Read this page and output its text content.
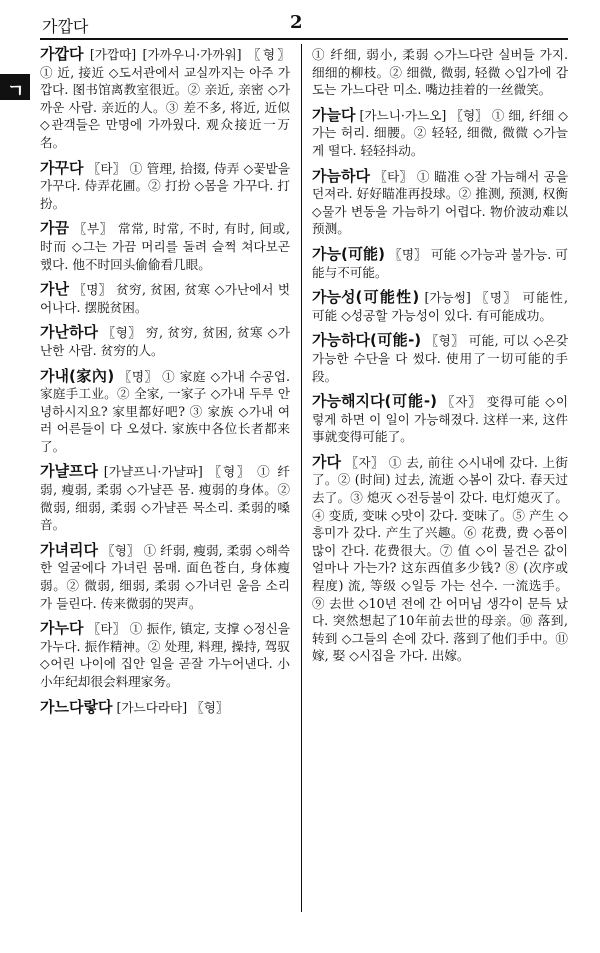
가깝다	2
ㄱ

가깝다 [가깝따] [가까우니·가까워] 〖형〗 ① 近, 接近 ◇도서관에서 교실까지는 아주 가깝다. 图书馆离教室很近。② 亲近, 亲密 ◇가까운 사람. 亲近的人。③ 差不多, 将近, 近似 ◇관객들은 만명에 가까웠다. 观众接近一万名。

가꾸다 〖타〗 ① 管理, 拾掇, 侍弄 ◇꽃밭을 가꾸다. 侍弄花圃。② 打扮 ◇몸을 가꾸다. 打扮。

가끔 〖부〗 常常, 时常, 不时, 有时, 间或, 时而 ◇그는 가끔 머리를 돌려 슬쩍 쳐다보곤 했다. 他不时回头偷偷看几眼。

가난 〖명〗 贫穷, 贫困, 贫寒 ◇가난에서 벗어나다. 摆脱贫困。

가난하다 〖형〗 穷, 贫穷, 贫困, 贫寒 ◇가난한 사람. 贫穷的人。

가내(家內) 〖명〗 ① 家庭 ◇가내 수공업. 家庭手工业。② 全家, 一家子 ◇가내 두루 안녕하시지요? 家里都好吧? ③ 家族 ◇가내 여러 어른들이 다 오셨다. 家族中各位长者都来了。

가냘프다 [가냘프니·가냘파] 〖형〗 ① 纤弱, 瘦弱, 柔弱 ◇가냘픈 몸. 瘦弱的身体。② 微弱, 细弱, 柔弱 ◇가냘픈 목소리. 柔弱的嗓音。

가녀리다 〖형〗 ① 纤弱, 瘦弱, 柔弱 ◇해쓱한 얼굴에다 가녀린 몸매. 面色苍白, 身体瘦弱。② 微弱, 细弱, 柔弱 ◇가녀린 울음 소리가 들린다. 传来微弱的哭声。

가누다 〖타〗 ① 振作, 镇定, 支撑 ◇정신을 가누다. 振作精神。② 处理, 料理, 操持, 驾驭 ◇어린 나이에 집안 일을 곧잘 가누어낸다. 小小年纪却很会料理家务。

가느다랗다 [가느다라타] 〖형〗

① 纤细, 弱小, 柔弱 ◇가느다란 실버들 가지. 细细的柳枝。② 细微, 微弱, 轻微 ◇입가에 감도는 가느다란 미소. 嘴边挂着的一丝微笑。

가늘다 [가느니·가느오] 〖형〗 ① 细, 纤细 ◇가는 허리. 细腰。② 轻轻, 细微, 微微 ◇가늘게 떨다. 轻轻抖动。

가늠하다 〖타〗 ① 瞄准 ◇잘 가늠해서 공을 던져라. 好好瞄准再投球。② 推测, 预测, 权衡 ◇물가 변동을 가늠하기 어렵다. 物价波动难以预测。

가능(可能) 〖명〗 可能 ◇가능과 불가능. 可能与不可能。

가능성(可能性) [가능썽] 〖명〗 可能性, 可能 ◇성공할 가능성이 있다. 有可能成功。

가능하다(可能-) 〖형〗 可能, 可以 ◇온갖 가능한 수단을 다 썼다. 使用了一切可能的手段。

가능해지다(可能-) 〖자〗 变得可能 ◇이렇게 하면 이 일이 가능해졌다. 这样一来, 这件事就变得可能了。

가다 〖자〗 ① 去, 前往 ◇시내에 갔다. 上街了。② (时间) 过去, 流逝 ◇봄이 갔다. 春天过去了。③ 熄灭 ◇전등불이 갔다. 电灯熄灭了。④ 变质, 变味 ◇맛이 갔다. 变味了。⑤ 产生 ◇흥미가 갔다. 产生了兴趣。⑥ 花费, 费 ◇품이 많이 간다. 花费很大。⑦ 值 ◇이 물건은 값이 얼마나 가는가? 这东西值多少钱? ⑧ (次序或程度) 流, 等级 ◇일등 가는 선수. 一流选手。⑨ 去世 ◇10년 전에 간 어머님 생각이 문득 났다. 突然想起了10年前去世的母亲。⑩ 落到, 转到 ◇그들의 손에 갔다. 落到了他们手中。⑪ 嫁, 娶 ◇시집을 가다. 出嫁。
